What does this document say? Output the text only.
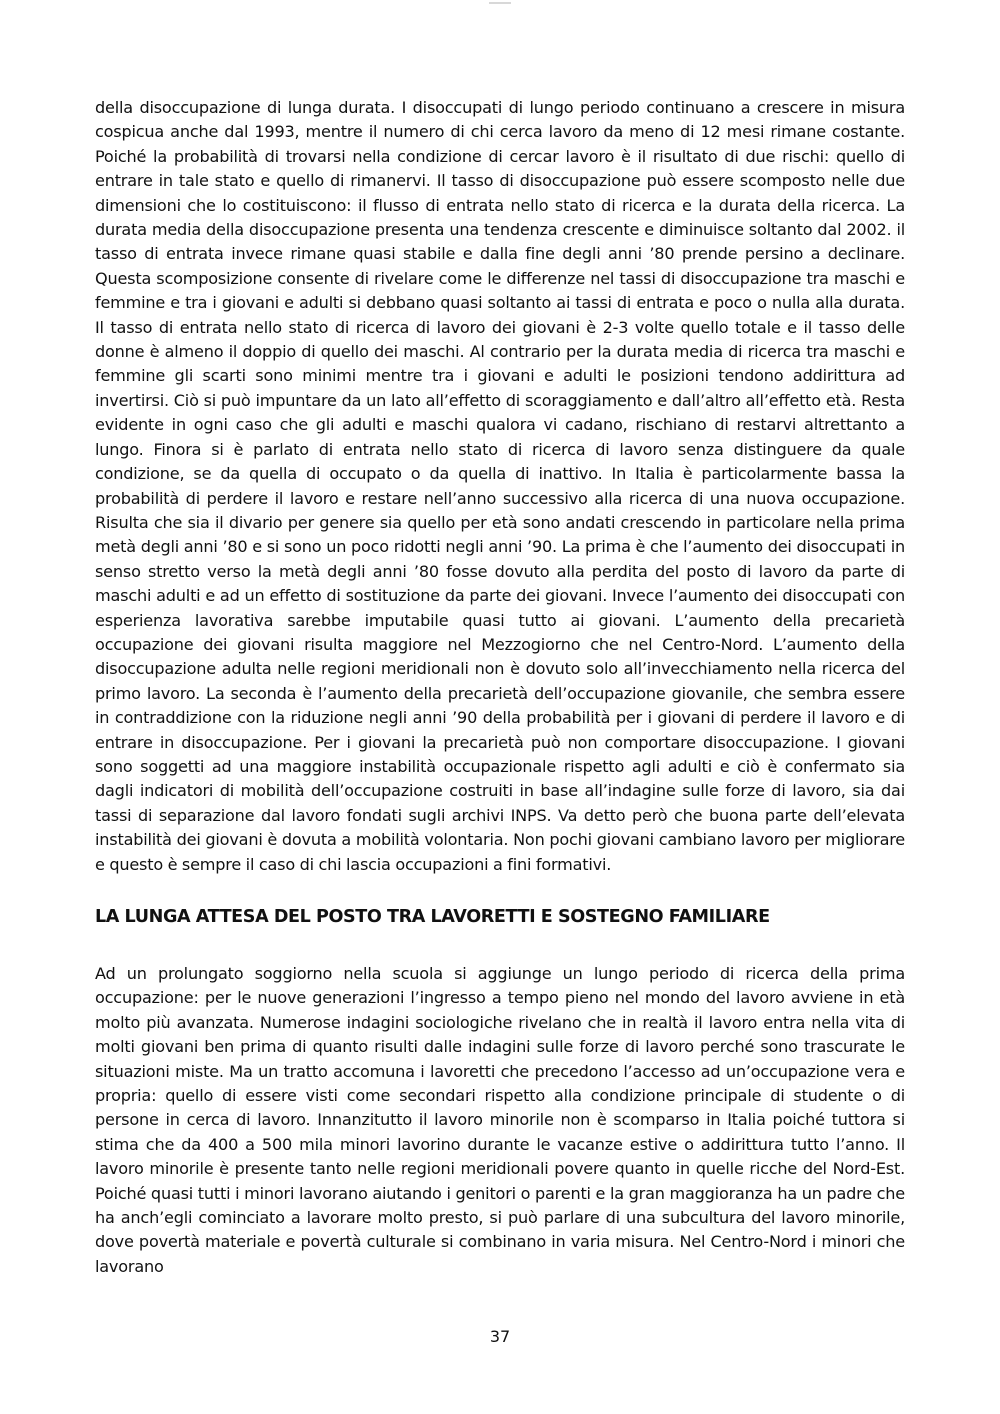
della disoccupazione di lunga durata. I disoccupati di lungo periodo continuano a crescere in misura cospicua anche dal 1993, mentre il numero di chi cerca lavoro da meno di 12 mesi rimane costante. Poiché la probabilità di trovarsi nella condizione di cercar lavoro è il risultato di due rischi: quello di entrare in tale stato e quello di rimanervi. Il tasso di disoccupazione può essere scomposto nelle due dimensioni che lo costituiscono: il flusso di entrata nello stato di ricerca e la durata della ricerca. La durata media della disoccupazione presenta una tendenza crescente e diminuisce soltanto dal 2002. il tasso di entrata invece rimane quasi stabile e dalla fine degli anni ’80 prende persino a declinare. Questa scomposizione consente di rivelare come le differenze nel tassi di disoccupazione tra maschi e femmine e tra i giovani e adulti si debbano quasi soltanto ai tassi di entrata e poco o nulla alla durata. Il tasso di entrata nello stato di ricerca di lavoro dei giovani è 2-3 volte quello totale e il tasso delle donne è almeno il doppio di quello dei maschi. Al contrario per la durata media di ricerca tra maschi e femmine gli scarti sono minimi mentre tra i giovani e adulti le posizioni tendono addirittura ad invertirsi. Ciò si può impuntare da un lato all’effetto di scoraggiamento e dall’altro all’effetto età. Resta evidente in ogni caso che gli adulti e maschi qualora vi cadano, rischiano di restarvi altrettanto a lungo. Finora si è parlato di entrata nello stato di ricerca di lavoro senza distinguere da quale condizione, se da quella di occupato o da quella di inattivo. In Italia è particolarmente bassa la probabilità di perdere il lavoro e restare nell’anno successivo alla ricerca di una nuova occupazione. Risulta che sia il divario per genere sia quello per età sono andati crescendo in particolare nella prima metà degli anni ’80 e si sono un poco ridotti negli anni ’90. La prima è che l’aumento dei disoccupati in senso stretto verso la metà degli anni ’80 fosse dovuto alla perdita del posto di lavoro da parte di maschi adulti e ad un effetto di sostituzione da parte dei giovani. Invece l’aumento dei disoccupati con esperienza lavorativa sarebbe imputabile quasi tutto ai giovani. L’aumento della precarietà occupazione dei giovani risulta maggiore nel Mezzogiorno che nel Centro-Nord. L’aumento della disoccupazione adulta nelle regioni meridionali non è dovuto solo all’invecchiamento nella ricerca del primo lavoro. La seconda è l’aumento della precarietà dell’occupazione giovanile, che sembra essere in contraddizione con la riduzione negli anni ’90 della probabilità per i giovani di perdere il lavoro e di entrare in disoccupazione. Per i giovani la precarietà può non comportare disoccupazione. I giovani sono soggetti ad una maggiore instabilità occupazionale rispetto agli adulti e ciò è confermato sia dagli indicatori di mobilità dell’occupazione costruiti in base all’indagine sulle forze di lavoro, sia dai tassi di separazione dal lavoro fondati sugli archivi INPS. Va detto però che buona parte dell’elevata instabilità dei giovani è dovuta a mobilità volontaria. Non pochi giovani cambiano lavoro per migliorare e questo è sempre il caso di chi lascia occupazioni a fini formativi.

LA LUNGA ATTESA DEL POSTO TRA LAVORETTI E SOSTEGNO FAMILIARE

Ad un prolungato soggiorno nella scuola si aggiunge un lungo periodo di ricerca della prima occupazione: per le nuove generazioni l’ingresso a tempo pieno nel mondo del lavoro avviene in età molto più avanzata. Numerose indagini sociologiche rivelano che in realtà il lavoro entra nella vita di molti giovani ben prima di quanto risulti dalle indagini sulle forze di lavoro perché sono trascurate le situazioni miste. Ma un tratto accomuna i lavoretti che precedono l’accesso ad un’occupazione vera e propria: quello di essere visti come secondari rispetto alla condizione principale di studente o di persone in cerca di lavoro. Innanzitutto il lavoro minorile non è scomparso in Italia poiché tuttora si stima che da 400 a 500 mila minori lavorino durante le vacanze estive o addirittura tutto l’anno. Il lavoro minorile è presente tanto nelle regioni meridionali povere quanto in quelle ricche del Nord-Est. Poiché quasi tutti i minori lavorano aiutando i genitori o parenti e la gran maggioranza ha un padre che ha anch’egli cominciato a lavorare molto presto, si può parlare di una subcultura del lavoro minorile, dove povertà materiale e povertà culturale si combinano in varia misura. Nel Centro-Nord i minori che lavorano

37
